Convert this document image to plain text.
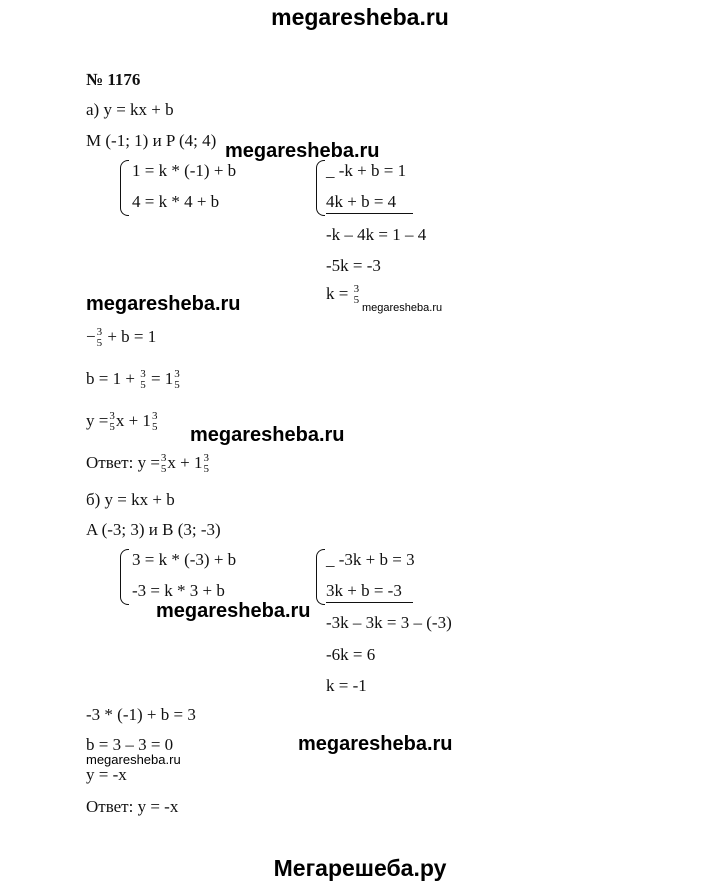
megaresheba.ru
№ 1176
а) y = kx + b
M (-1; 1) и P (4; 4)
1 = k * (-1) + b
4 = k * 4 + b
_ -k + b = 1
4k + b = 4
-k – 4k = 1 – 4
-5k = -3
k = 3
5
− 3
5 + b = 1
b = 1 + 3
5 = 1 3
5
y = 3
5 x + 1 3
5
Ответ: y = 3
5 x + 1 3
5
б) y = kx + b
A (-3; 3) и B (3; -3)
3 = k * (-3) + b
-3 = k * 3 + b
_ -3k + b = 3
3k + b = -3
-3k – 3k = 3 – (-3)
-6k = 6
k = -1
-3 * (-1) + b = 3
b = 3 – 3 = 0
y = -x
Ответ: y = -x
megaresheba.ru
megaresheba.ru	megaresheba.ru
megaresheba.ru
megaresheba.ru
megaresheba.ru
megaresheba.ru
Мегарешеба.ру
